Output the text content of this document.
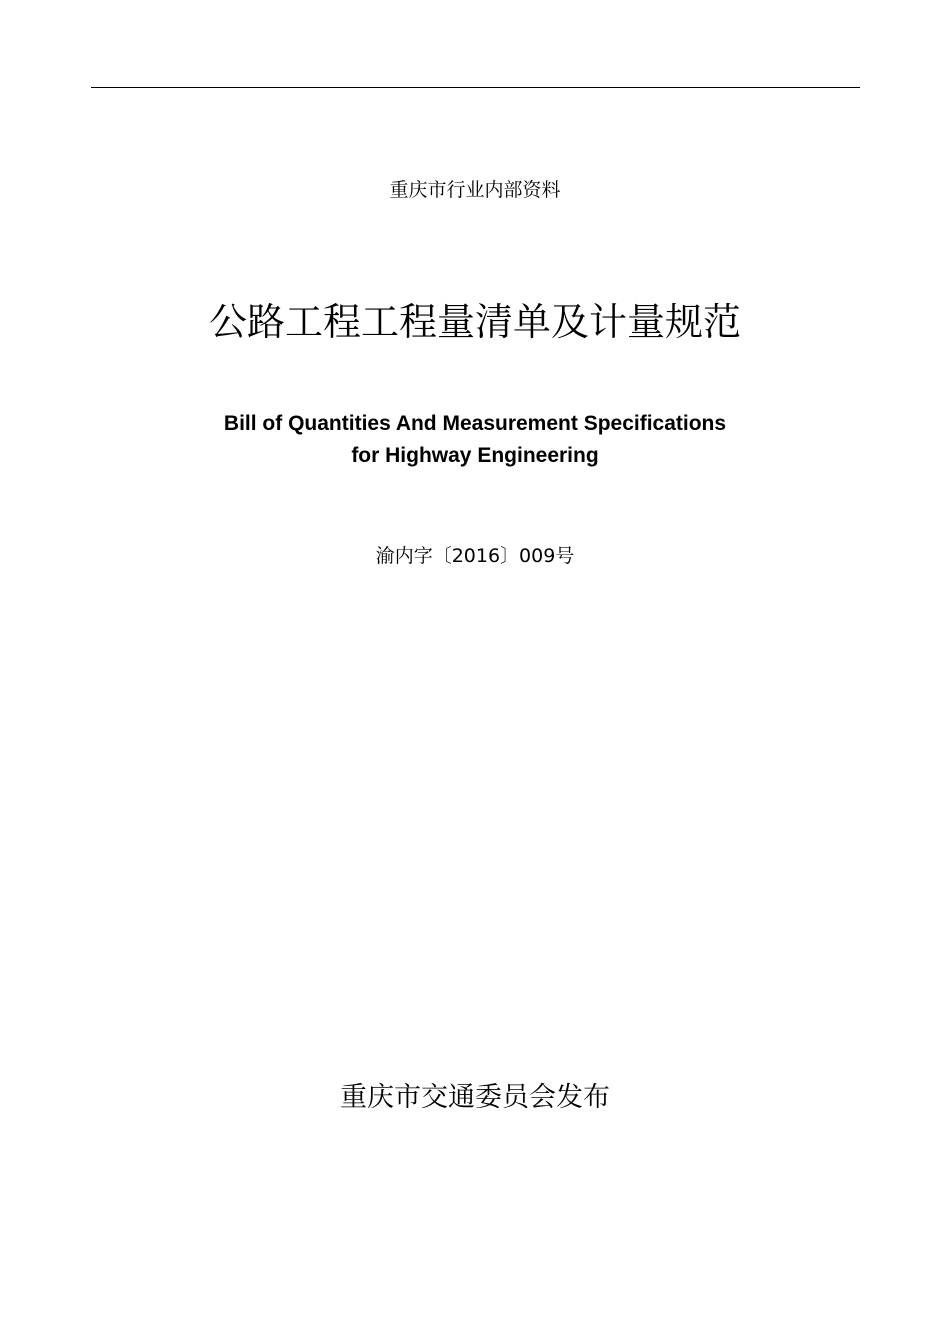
重庆市行业内部资料
公路工程工程量清单及计量规范
Bill of Quantities And Measurement Specifications
for Highway Engineering
渝内字〔2016〕009号
重庆市交通委员会发布
